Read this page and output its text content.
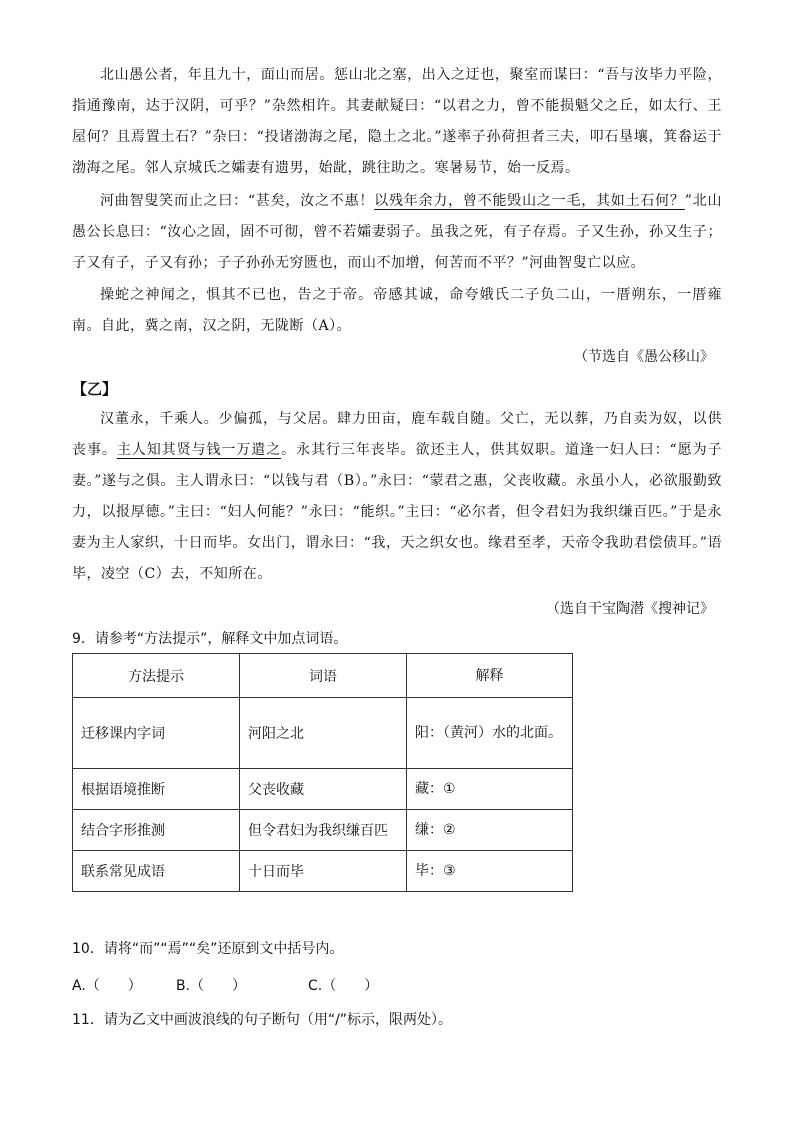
北山愚公者，年且九十，面山而居。惩山北之塞，出入之迂也，聚室而谋曰：“吾与汝毕力平险，指通豫南，达于汉阴，可乎？”杂然相许。其妻献疑曰：“以君之力，曾不能损魁父之丘，如太行、王屋何？且焉置土石？”杂曰：“投诸渤海之尾，隐土之北。”遂率子孙荷担者三夫，叩石垦壤，箕畚运于渤海之尾。邻人京城氏之孀妻有遗男，始龀，跳往助之。寒暑易节，始一反焉。

河曲智叟笑而止之曰：“甚矣，汝之不惠！以残年余力，曾不能毁山之一毛，其如土石何？”北山愚公长息曰：“汝心之固，固不可彻，曾不若孀妻弱子。虽我之死，有子存焉。子又生孙，孙又生子；子又有子，子又有孙；子子孙孙无穷匮也，而山不加增，何苦而不平？”河曲智叟亡以应。

操蛇之神闻之，惧其不已也，告之于帝。帝感其诚，命夸娥氏二子负二山，一厝朔东，一厝雍南。自此，冀之南，汉之阴，无陇断（A）。

（节选自《愚公移山》
【乙】

汉董永，千乘人。少偏孤，与父居。肆力田亩，鹿车载自随。父亡，无以葬，乃自卖为奴，以供丧事。主人知其贤与钱一万遣之。永其行三年丧毕。欲还主人，供其奴职。道逢一妇人曰：“愿为子妻。”遂与之俱。主人谓永曰：“以钱与君（B）。”永曰：“蒙君之惠，父丧收藏。永虽小人，必欲服勤致力，以报厚德。”主曰：“妇人何能？”永曰：“能织。”主曰：“必尔者，但令君妇为我织缣百匹。”于是永妻为主人家织，十日而毕。女出门，谓永曰：“我，天之织女也。缘君至孝，天帝令我助君偿债耳。”语毕，凌空（C）去，不知所在。

（选自干宝陶潜《搜神记》
9．请参考“方法提示”，解释文中加点词语。
方法提示	词语	解释
迁移课内字词	河阳之北	阳：（黄河）水的北面。
根据语境推断	父丧收藏	藏：①
结合字形推测	但令君妇为我织缣百匹	缣：②
联系常见成语	十日而毕	毕：③
10．请将“而”“焉”“矣”还原到文中括号内。
A.（　　） B.（　　）	C.（　　）
11．请为乙文中画波浪线的句子断句（用“/”标示，限两处）。
